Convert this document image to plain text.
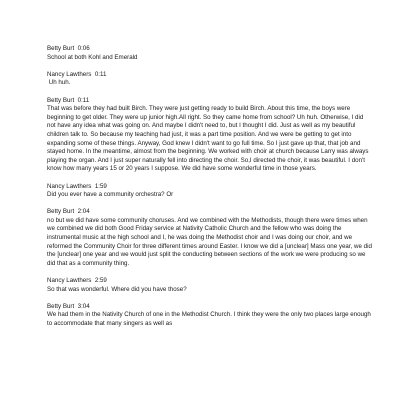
Betty Burt 0:06
School at both Kohl and Emerald
Nancy Lawthers 0:11
Uh huh.
Betty Burt 0:11
That was before they had built Birch. They were just getting ready to build Birch. About this time, the boys were beginning to get older. They were up junior high.All right. So they came home from school? Uh huh. Otherwise, I did not have any idea what was going on. And maybe I didn't need to, but I thought I did. Just as well as my beautiful children talk to. So because my teaching had just, it was a part time position. And we were be getting to get into expanding some of these things. Anyway, God knew I didn't want to go full time. So I just gave up that, that job and stayed home. In the meantime, almost from the beginning. We worked with choir at church because Larry was always playing the organ. And I just super naturally fell into directing the choir. So,I directed the choir, it was beautiful. I don't know how many years 15 or 20 years I suppose. We did have some wonderful time in those years.
Nancy Lawthers 1:59
Did you ever have a community orchestra? Or
Betty Burt 2:04
no but we did have some community choruses. And we combined with the Methodists, though there were times when we combined we did both Good Friday service at Nativity Catholic Church and the fellow who was doing the instrumental music at the high school and I, he was doing the Methodist choir and I was doing our choir, and we reformed the Community Choir for three different times around Easter. I know we did a [unclear] Mass one year, we did the [unclear] one year and we would just split the conducting between sections of the work we were producing so we did that as a community thing.
Nancy Lawthers 2:59
So that was wonderful. Where did you have those?
Betty Burt 3:04
We had them in the Nativity Church of one in the Methodist Church. I think they were the only two places large enough to accommodate that many singers as well as
